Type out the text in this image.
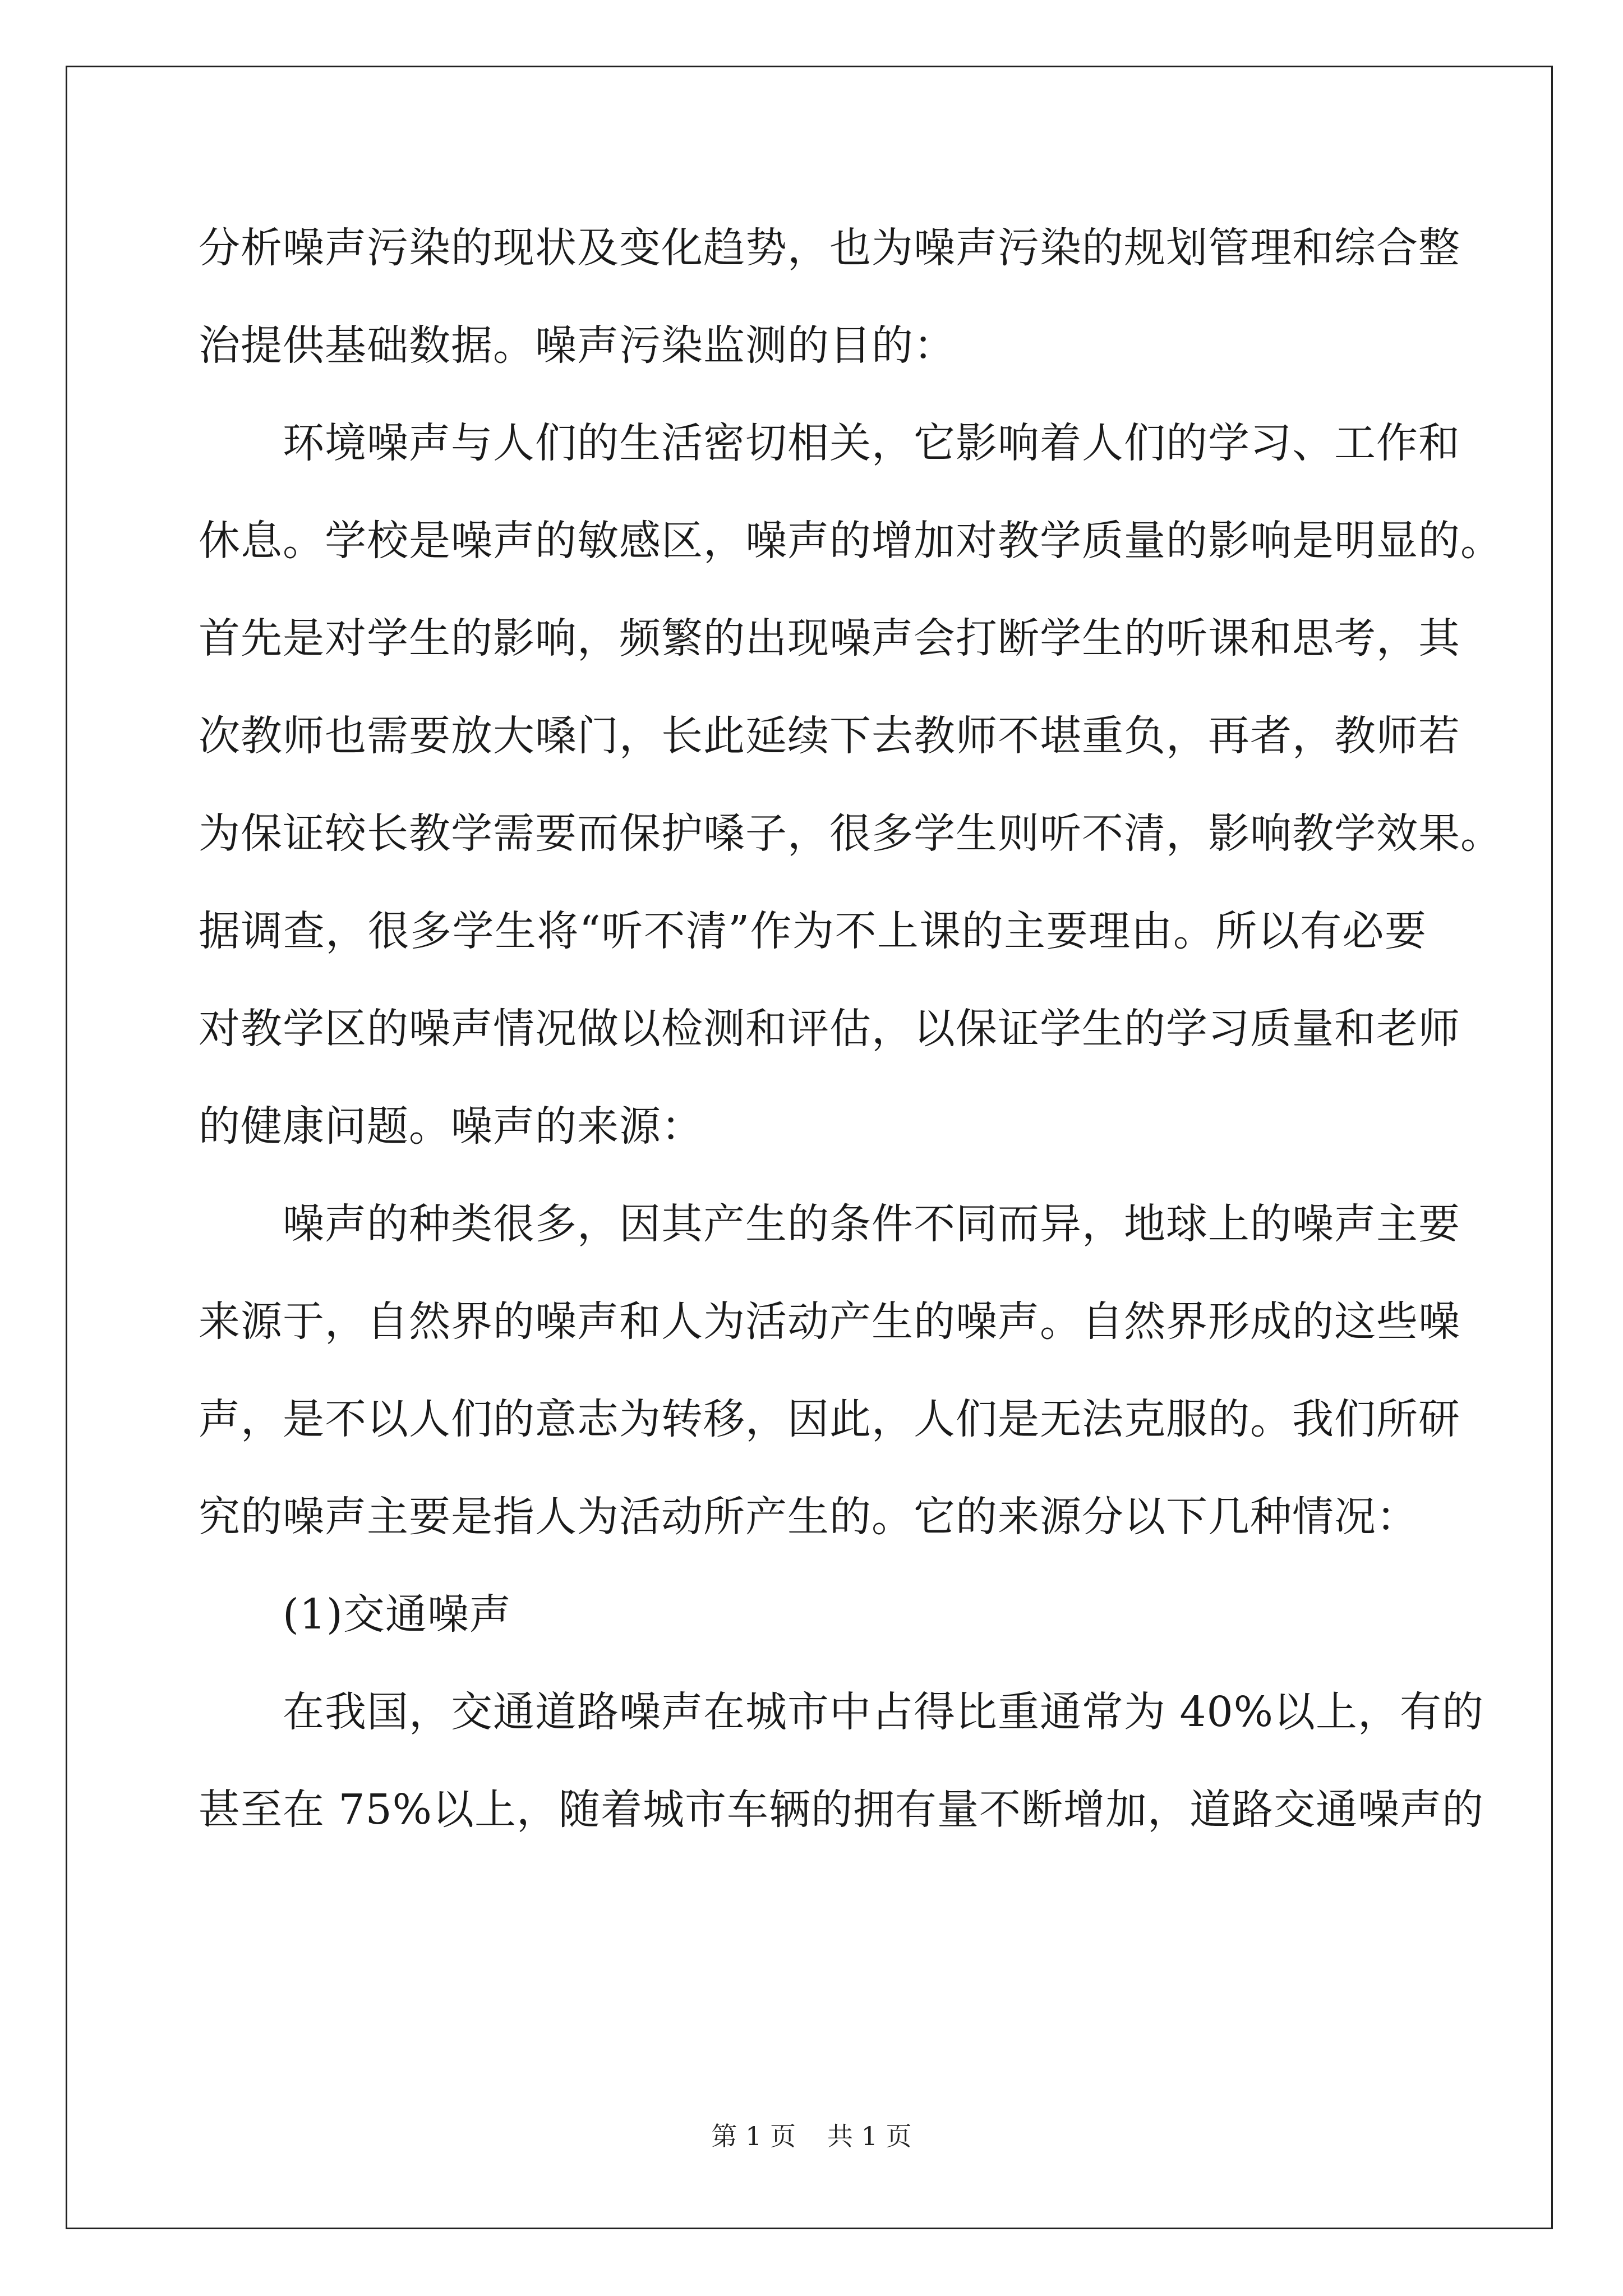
分析噪声污染的现状及变化趋势，也为噪声污染的规划管理和综合整
治提供基础数据。噪声污染监测的目的：
环境噪声与人们的生活密切相关，它影响着人们的学习、工作和
休息。学校是噪声的敏感区，噪声的增加对教学质量的影响是明显的。
首先是对学生的影响，频繁的出现噪声会打断学生的听课和思考，其
次教师也需要放大嗓门，长此延续下去教师不堪重负，再者，教师若
为保证较长教学需要而保护嗓子，很多学生则听不清，影响教学效果。
据调查，很多学生将“听不清”作为不上课的主要理由。所以有必要
对教学区的噪声情况做以检测和评估，以保证学生的学习质量和老师
的健康问题。噪声的来源：
噪声的种类很多，因其产生的条件不同而异，地球上的噪声主要
来源于，自然界的噪声和人为活动产生的噪声。自然界形成的这些噪
声，是不以人们的意志为转移，因此，人们是无法克服的。我们所研
究的噪声主要是指人为活动所产生的。它的来源分以下几种情况：
(1)交通噪声
在我国，交通道路噪声在城市中占得比重通常为 40%以上，有的
甚至在 75%以上，随着城市车辆的拥有量不断增加，道路交通噪声的
第 1 页 共 1 页
